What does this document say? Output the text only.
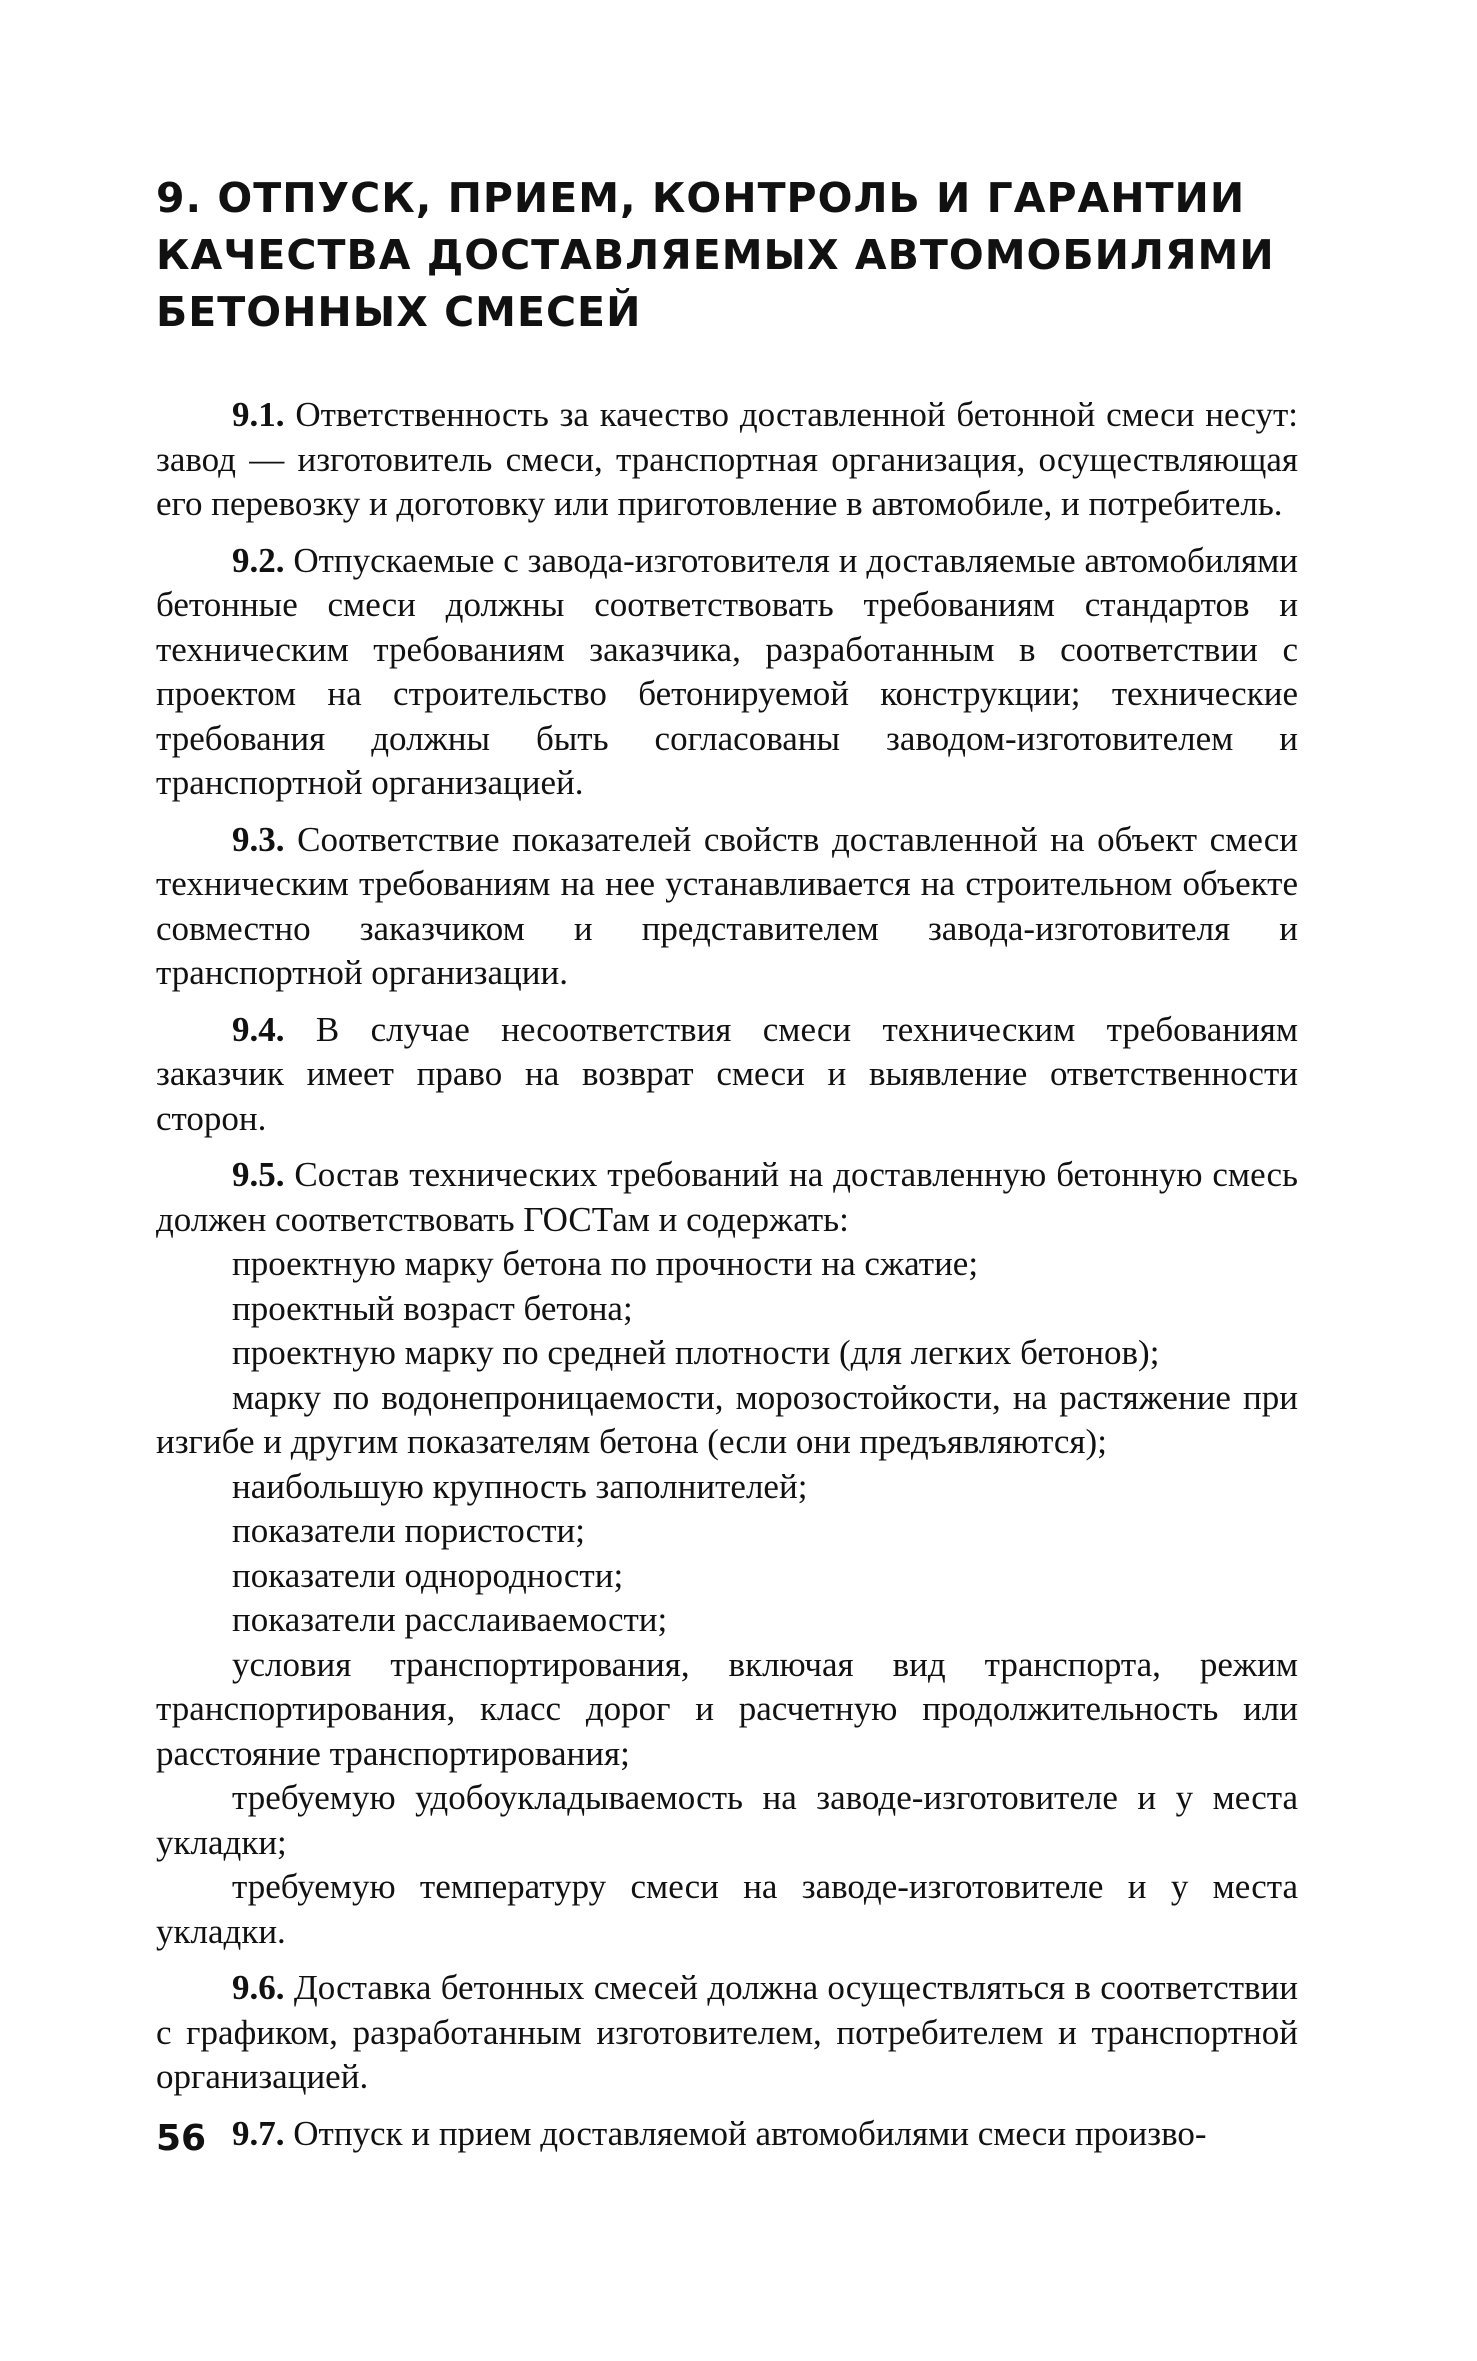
9. ОТПУСК, ПРИЕМ, КОНТРОЛЬ И ГАРАНТИИ
КАЧЕСТВА ДОСТАВЛЯЕМЫХ АВТОМОБИЛЯМИ
БЕТОННЫХ СМЕСЕЙ

9.1. Ответственность за качество доставленной бетонной смеси несут: завод — изготовитель смеси, транспортная организация, осуществляющая его перевозку и доготовку или приготовление в автомобиле, и потребитель.

9.2. Отпускаемые с завода-изготовителя и доставляемые автомобилями бетонные смеси должны соответствовать требованиям стандартов и техническим требованиям заказчика, разработанным в соответствии с проектом на строительство бетонируемой конструкции; технические требования должны быть согласованы заводом-изготовителем и транспортной организацией.

9.3. Соответствие показателей свойств доставленной на объект смеси техническим требованиям на нее устанавливается на строительном объекте совместно заказчиком и представителем завода-изготовителя и транспортной организации.

9.4. В случае несоответствия смеси техническим требованиям заказчик имеет право на возврат смеси и выявление ответственности сторон.

9.5. Состав технических требований на доставленную бетонную смесь должен соответствовать ГОСТам и содержать:

проектную марку бетона по прочности на сжатие;

проектный возраст бетона;

проектную марку по средней плотности (для легких бетонов);

марку по водонепроницаемости, морозостойкости, на растяжение при изгибе и другим показателям бетона (если они предъявляются);

наибольшую крупность заполнителей;

показатели пористости;

показатели однородности;

показатели расслаиваемости;

условия транспортирования, включая вид транспорта, режим транспортирования, класс дорог и расчетную продолжительность или расстояние транспортирования;

требуемую удобоукладываемость на заводе-изготовителе и у места укладки;

требуемую температуру смеси на заводе-изготовителе и у места укладки.

9.6. Доставка бетонных смесей должна осуществляться в соответствии с графиком, разработанным изготовителем, потребителем и транспортной организацией.

9.7. Отпуск и прием доставляемой автомобилями смеси произво-

56
